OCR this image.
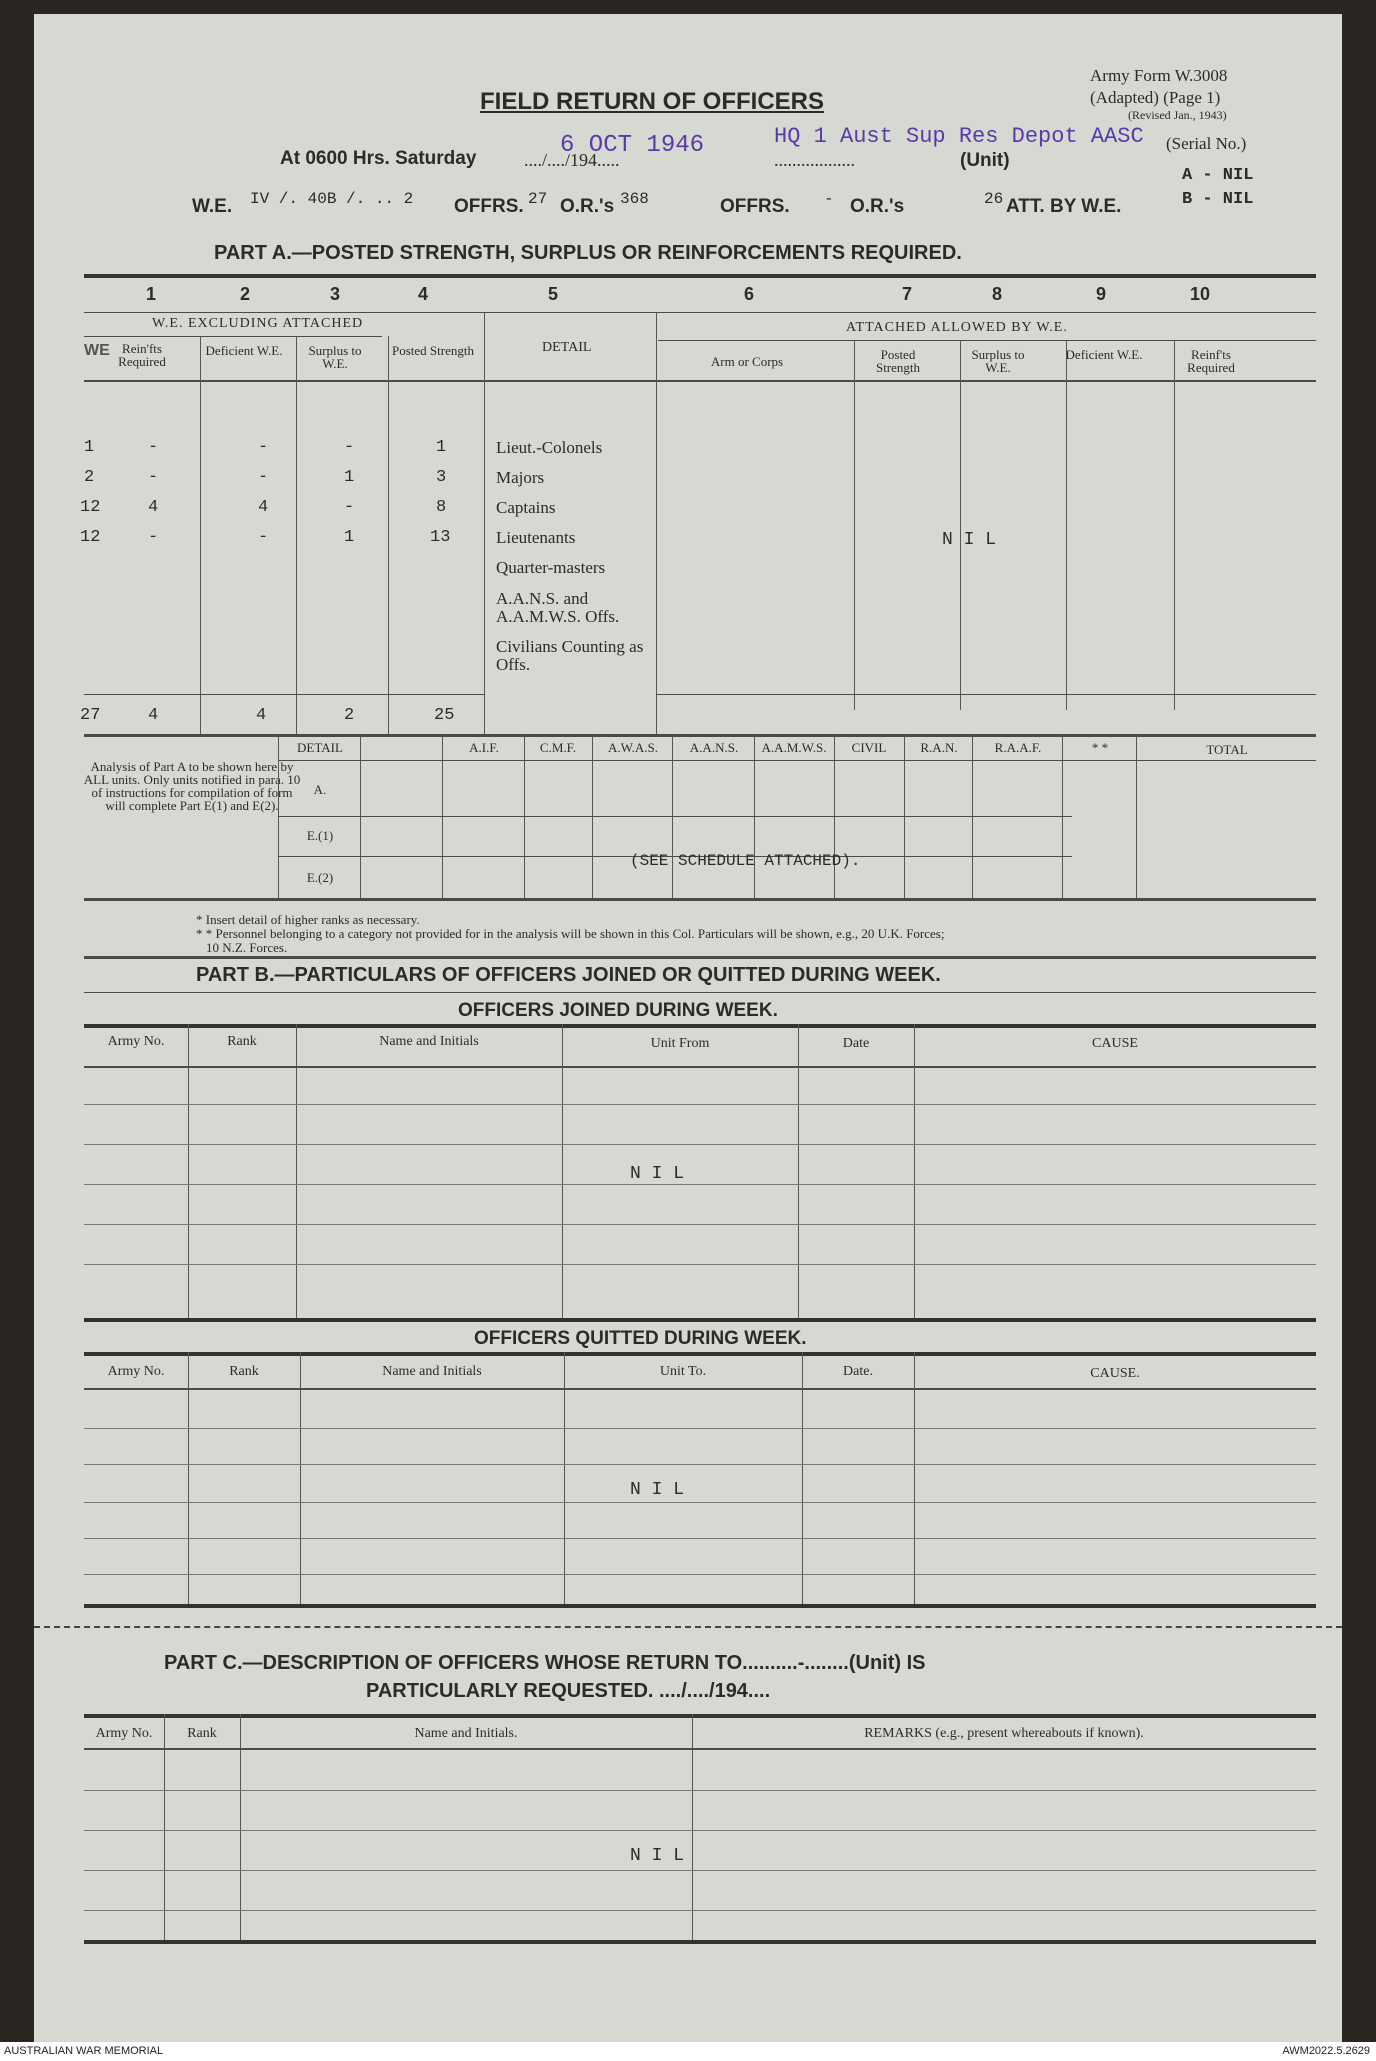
FIELD RETURN OF OFFICERS
Army Form W.3008
(Adapted) (Page 1)
(Revised Jan., 1943)
At 0600 Hrs. Saturday	..../..../194.....
6 OCT 1946
..................
HQ 1 Aust Sup Res Depot AASC
(Unit)
(Serial No.)
A - NIL
B - NIL
W.E. IV /. 40B /. .. 2 OFFRS. 27 O.R.'s 368	OFFRS. - O.R.'s	26 ATT. BY W.E.
PART A.—POSTED STRENGTH, SURPLUS OR REINFORCEMENTS REQUIRED.
1	2	3	4	5	6	7	8	9	10
W.E. EXCLUDING ATTACHED	ATTACHED ALLOWED BY W.E.
DETAIL
WE Rein'fts Required
Deficient W.E.	Surplus to W.E.
Posted Strength
Arm or Corps	Posted Strength
Surplus to W.E.
Deficient W.E.	Reinf'ts Required
1	-	-	-	1	Lieut.-Colonels
2	-	-	1	3	Majors
12	4	4	-	8	Captains
12	-	-	1	13	Lieutenants
Quarter-masters
A.A.N.S. and A.A.M.W.S. Offs.
Civilians Counting as Offs.
N I L
27	4	4	2	25
Analysis of Part A to be shown here by ALL units. Only units notified in para. 10 of instructions for compilation of form will complete Part E(1) and E(2).
DETAIL	A.I.F.	C.M.F.	A.W.A.S.	A.A.N.S.	A.A.M.W.S.	CIVIL	R.A.N.	R.A.A.F.	* *	TOTAL
A.
E.(1)
E.(2)
(SEE SCHEDULE ATTACHED).
* Insert detail of higher ranks as necessary.
* * Personnel belonging to a category not provided for in the analysis will be shown in this Col. Particulars will be shown, e.g., 20 U.K. Forces;
10 N.Z. Forces.
PART B.—PARTICULARS OF OFFICERS JOINED OR QUITTED DURING WEEK.
OFFICERS JOINED DURING WEEK.
Army No.	Rank	Name and Initials	Unit From	Date	CAUSE
N I L
OFFICERS QUITTED DURING WEEK.
Army No.	Rank	Name and Initials	Unit To.	Date.	CAUSE.
N I L
PART C.—DESCRIPTION OF OFFICERS WHOSE RETURN TO..........-........(Unit) IS
PARTICULARLY REQUESTED. ..../..../194....
Army No.	Rank	Name and Initials.	REMARKS (e.g., present whereabouts if known).
N I L
AUSTRALIAN WAR MEMORIAL	AWM2022.5.2629
